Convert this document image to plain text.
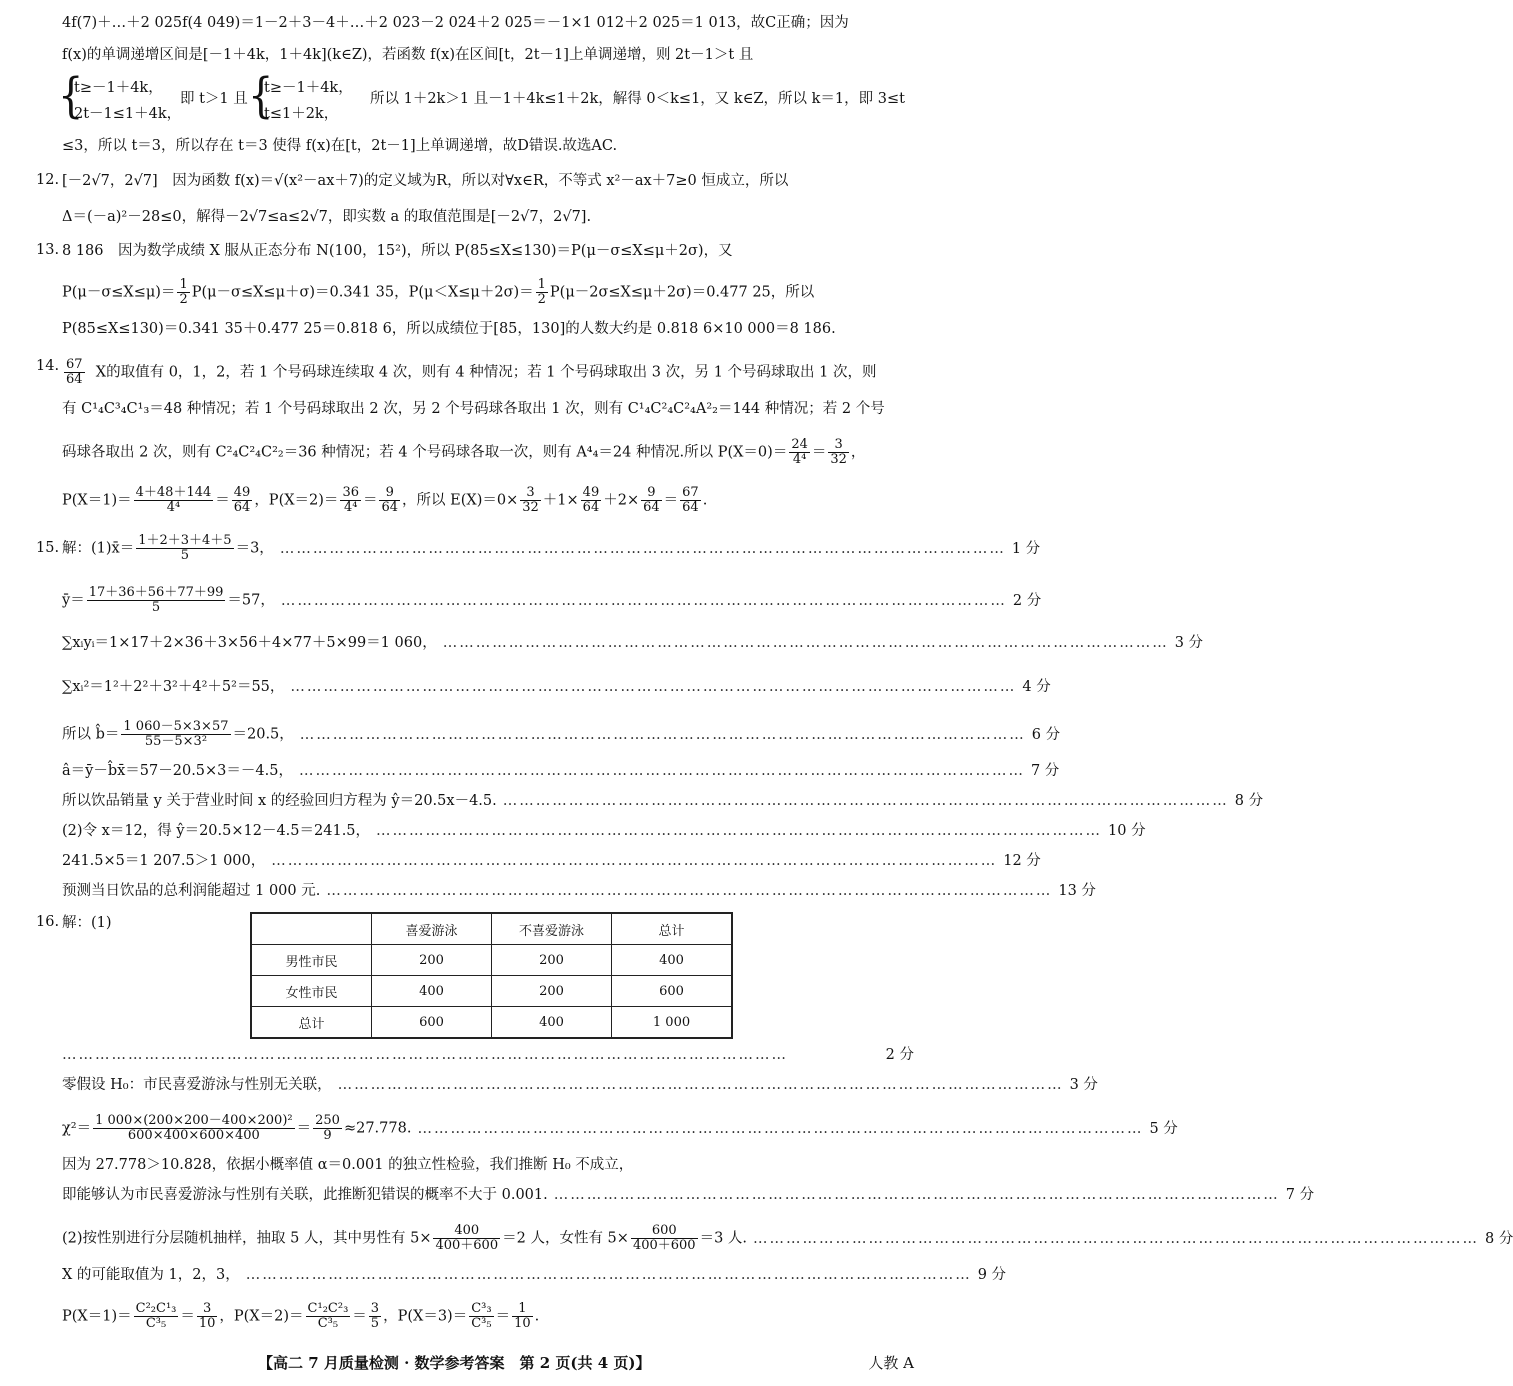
4f(7)＋…＋2 025f(4 049)＝1－2＋3－4＋…＋2 023－2 024＋2 025＝－1×1 012＋2 025＝1 013，故C正确；因为
f(x)的单调递增区间是[－1＋4k，1＋4k](k∈Z)，若函数 f(x)在区间[t，2t－1]上单调递增，则 2t－1＞t 且
{
t≥－1＋4k，
2t－1≤1＋4k，
即 t＞1 且 {
t≥－1＋4k，
t≤1＋2k，
所以 1＋2k＞1 且－1＋4k≤1＋2k，解得 0＜k≤1，又 k∈Z，所以 k＝1，即 3≤t
≤3，所以 t＝3，所以存在 t＝3 使得 f(x)在[t，2t－1]上单调递增，故D错误.故选AC.
12. [－2√7，2√7]　因为函数 f(x)＝√(x²－ax＋7)的定义域为R，所以对∀x∈R，不等式 x²－ax＋7≥0 恒成立，所以
Δ＝(－a)²－28≤0，解得－2√7≤a≤2√7，即实数 a 的取值范围是[－2√7，2√7].
13. 8 186　因为数学成绩 X 服从正态分布 N(100，15²)，所以 P(85≤X≤130)＝P(μ－σ≤X≤μ＋2σ)，又
$P(\mu-\sigma\le X\le\mu)= \frac{1}{2} P(\mu-\sigma\le X\le\mu+\sigma)=0.341$ 35，$P(\mu<X\le\mu+2\sigma)= \frac{1}{2} P(\mu-2\sigma\le X\le\mu+2\sigma)=0.477$ 25，所以
P(85≤X≤130)＝0.341 35＋0.477 25＝0.818 6，所以成绩位于[85，130]的人数大约是 0.818 6×10 000＝8 186.
14. $\frac{67}{64}$ X的取值有 0，1，2，若 1 个号码球连续取 4 次，则有 4 种情况；若 1 个号码球取出 3 次，另 1 个号码球取出 1 次，则
有 C¹₄C³₄C¹₃＝48 种情况；若 1 个号码球取出 2 次，另 2 个号码球各取出 1 次，则有 C¹₄C²₄C²₄A²₂＝144 种情况；若 2 个号
码球各取出 2 次，则有 C²₄C²₄C²₂＝36 种情况；若 4 个号码球各取一次，则有 A⁴₄＝24 种情况.所以 $P(X=0)= \frac{24}{\text{4⁴}} = \frac{3}{32}$ ，
$P(X=1)= \frac{4+48+144}{\text{4⁴}} = \frac{49}{64}$ ，$P(X=2)= \frac{36}{\text{4⁴}} = \frac{9}{64}$ ，所以 $E(X)=0\times \frac{3}{32} +1\times \frac{49}{64} +2\times \frac{9}{64} = \frac{67}{64}$ .
15. 解：(1)x̄＝ $\frac{1+2+3+4+5}{5} =3$， …………………………………………………………………………………………………………………… 1 分
ȳ＝ $\frac{17+36+56+77+99}{5} =57$， …………………………………………………………………………………………………………………… 2 分
∑xᵢyᵢ＝1×17＋2×36＋3×56＋4×77＋5×99＝1 060， …………………………………………………………………………………………………………………… 3 分
∑xᵢ²＝1²＋2²＋3²＋4²＋5²＝55， …………………………………………………………………………………………………………………… 4 分
所以 b̂＝ $\frac{1 060-5\times 3\times 57}{\text{55－5×3²}} =20.5$， …………………………………………………………………………………………………………………… 6 分
â＝ȳ－b̂x̄＝57－20.5×3＝－4.5， …………………………………………………………………………………………………………………… 7 分
所以饮品销量 y 关于营业时间 x 的经验回归方程为 ŷ＝20.5x－4.5. …………………………………………………………………………………………………………………… 8 分
(2)令 x＝12，得 ŷ＝20.5×12－4.5＝241.5， …………………………………………………………………………………………………………………… 10 分
241.5×5＝1 207.5＞1 000， …………………………………………………………………………………………………………………… 12 分
预测当日饮品的总利润能超过 1 000 元. …………………………………………………………………………………………………………………… 13 分
16. 解：(1)
		喜爱游泳	不喜爱游泳	总计
男性市民	200	200	400
女性市民	400	200	600
总计	600	400	1 000
……………………………………………………………………………………………………………………	2 分
零假设 H₀：市民喜爱游泳与性别无关联， …………………………………………………………………………………………………………………… 3 分
$\chi^2= \frac{\text{1 000×(200×200－400×200)²}}{600\times 400\times 600\times 400} = \frac{250}{9} \approx 27.778$. …………………………………………………………………………………………………………………… 5 分
因为 27.778＞10.828，依据小概率值 α＝0.001 的独立性检验，我们推断 H₀ 不成立，
即能够认为市民喜爱游泳与性别有关联，此推断犯错误的概率不大于 0.001. …………………………………………………………………………………………………………………… 7 分
(2)按性别进行分层随机抽样，抽取 5 人，其中男性有 $5\times \frac{400}{400+600} =2$ 人，女性有 $5\times \frac{600}{400+600} =3$ 人. …………………………………………………………………………………………………………………… 8 分
X 的可能取值为 1，2，3， …………………………………………………………………………………………………………………… 9 分
$P(X=1)= \frac{\text{C²₂C¹₃}}{\text{C³₅}} = \frac{3}{10}$ ，$P(X=2)= \frac{\text{C¹₂C²₃}}{\text{C³₅}} = \frac{3}{5}$ ，$P(X=3)= \frac{\text{C³₃}}{\text{C³₅}} = \frac{1}{10}$ .
【高二 7 月质量检测 · 数学参考答案　第 2 页(共 4 页)】	人教 A
